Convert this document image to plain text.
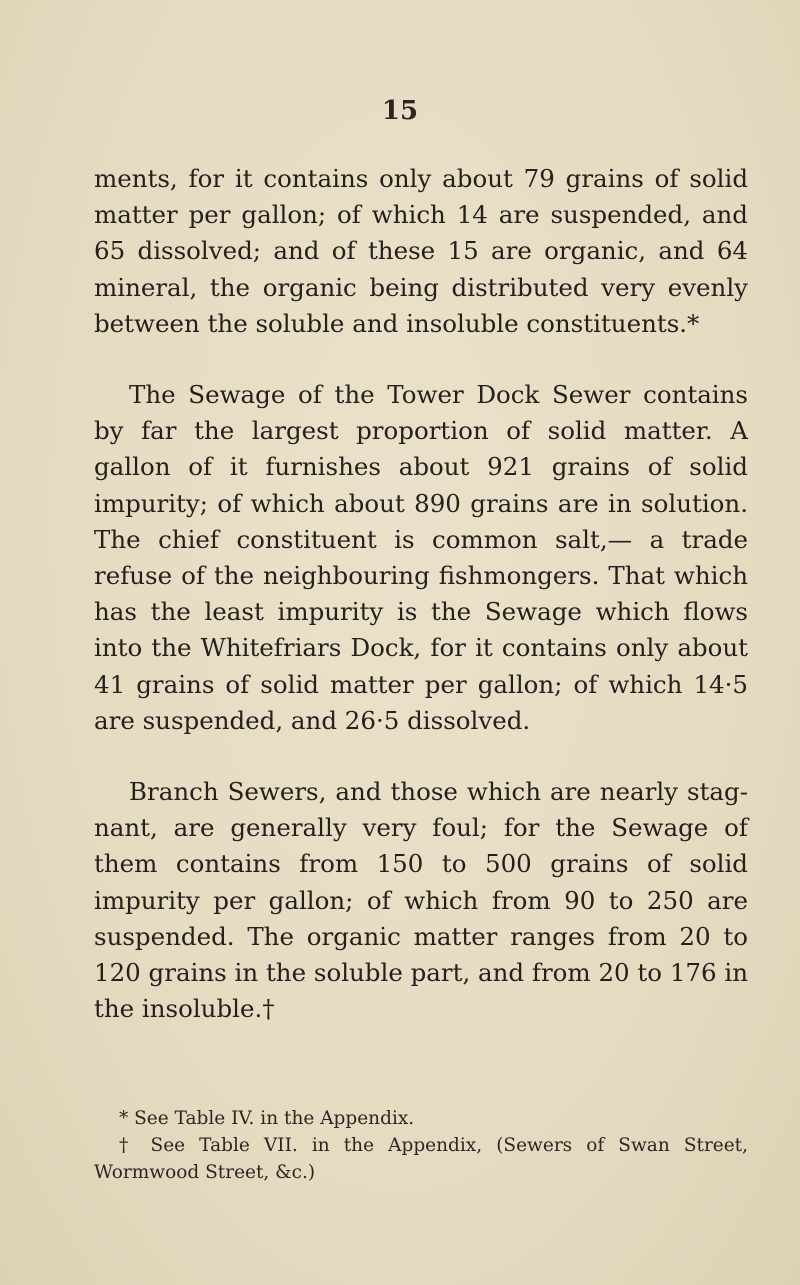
15

ments, for it contains only about 79 grains of solid matter per gallon; of which 14 are suspended, and 65 dissolved; and of these 15 are organic, and 64 mineral, the organic being distributed very evenly between the soluble and insoluble constituents.*

The Sewage of the Tower Dock Sewer contains by far the largest proportion of solid matter. A gallon of it furnishes about 921 grains of solid impurity; of which about 890 grains are in solution. The chief constituent is common salt,— a trade refuse of the neighbouring fishmongers. That which has the least impurity is the Sewage which flows into the Whitefriars Dock, for it contains only about 41 grains of solid matter per gallon; of which 14·5 are suspended, and 26·5 dissolved.

Branch Sewers, and those which are nearly stagnant, are generally very foul; for the Sewage of them contains from 150 to 500 grains of solid impurity per gallon; of which from 90 to 250 are suspended. The organic matter ranges from 20 to 120 grains in the soluble part, and from 20 to 176 in the insoluble.†

* See Table IV. in the Appendix.

† See Table VII. in the Appendix, (Sewers of Swan Street, Wormwood Street, &c.)
